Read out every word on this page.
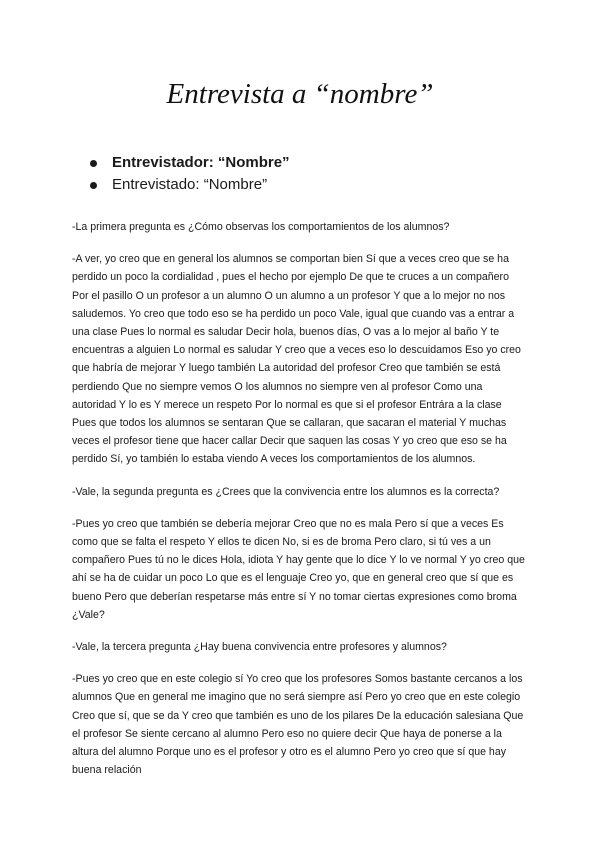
Entrevista a “nombre”
Entrevistador: “Nombre”
Entrevistado: “Nombre”

-La primera pregunta es ¿Cómo observas los comportamientos de los alumnos?

-A ver, yo creo que en general los alumnos se comportan bien Sí que a veces creo que se ha perdido un poco la cordialidad , pues el hecho por ejemplo De que te cruces a un compañero Por el pasillo O un profesor a un alumno O un alumno a un profesor Y que a lo mejor no nos saludemos. Yo creo que todo eso se ha perdido un poco Vale, igual que cuando vas a entrar a una clase Pues lo normal es saludar Decir hola, buenos días, O vas a lo mejor al baño Y te encuentras a alguien Lo normal es saludar Y creo que a veces eso lo descuidamos Eso yo creo que habría de mejorar Y luego también La autoridad del profesor Creo que también se está perdiendo Que no siempre vemos O los alumnos no siempre ven al profesor Como una autoridad Y lo es Y merece un respeto Por lo normal es que si el profesor Entrára a la clase Pues que todos los alumnos se sentaran Que se callaran, que sacaran el material Y muchas veces el profesor tiene que hacer callar Decir que saquen las cosas Y yo creo que eso se ha perdido Sí, yo también lo estaba viendo A veces los comportamientos de los alumnos.

-Vale, la segunda pregunta es ¿Crees que la convivencia entre los alumnos es la correcta?

-Pues yo creo que también se debería mejorar Creo que no es mala Pero sí que a veces Es como que se falta el respeto Y ellos te dicen No, si es de broma Pero claro, si tú ves a un compañero Pues tú no le dices Hola, idiota Y hay gente que lo dice Y lo ve normal Y yo creo que ahí se ha de cuidar un poco Lo que es el lenguaje Creo yo, que en general creo que sí que es bueno Pero que deberían respetarse más entre sí Y no tomar ciertas expresiones como broma ¿Vale?

-Vale, la tercera pregunta ¿Hay buena convivencia entre profesores y alumnos?

-Pues yo creo que en este colegio sí Yo creo que los profesores Somos bastante cercanos a los alumnos Que en general me imagino que no será siempre así Pero yo creo que en este colegio Creo que sí, que se da Y creo que también es uno de los pilares De la educación salesiana Que el profesor Se siente cercano al alumno Pero eso no quiere decir Que haya de ponerse a la altura del alumno Porque uno es el profesor y otro es el alumno Pero yo creo que sí que hay buena relación
